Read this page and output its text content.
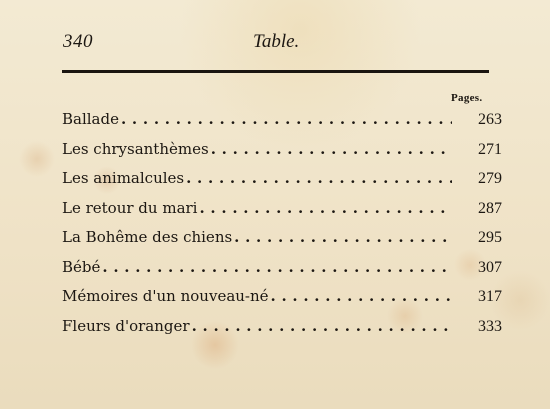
340	Table.
Pages.
Ballade . . .	263
Les chrysanthèmes . . .	271
Les animalcules . . .	279
Le retour du mari . . .	287
La Bohême des chiens . . .	295
Bébé . . .	307
Mémoires d'un nouveau-né . . .	317
Fleurs d'oranger . . .	333
